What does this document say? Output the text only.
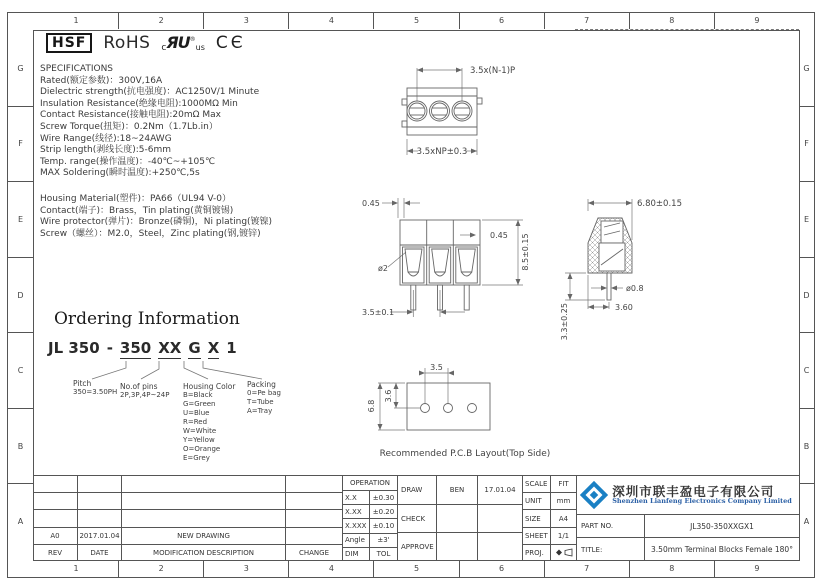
1	2	3	4	5	6	7	8	9
1	2	3	4	5	6	7	8	9
G
F
E
D
C
B
A
G
F
E
D
C
B
A
HSF	RoHS cЯU®us CЄ
SPECIFICATIONS
Rated(额定参数)：300V,16A
Dielectric strength(抗电强度)：AC1250V/1 Minute
Insulation Resistance(绝缘电阻):1000MΩ Min
Contact Resistance(接触电阻):20mΩ Max
Screw Torque(扭矩)：0.2Nm（1.7Lb.in）
Wire Range(线径):18~24AWG
Strip length(剥线长度):5-6mm
Temp. range(操作温度)：-40℃~+105℃
MAX Soldering(瞬时温度):+250℃,5s
Housing Material(塑件)：PA66（UL94 V-0）
Contact(端子)：Brass，Tin plating(黄铜镀锡)
Wire protector(弹片)：Bronze(磷铜)，Ni plating(镀镍)
Screw（螺丝）：M2.0，Steel，Zinc plating(钢,镀锌)
Ordering Information
JL 350 - 350 XX G X 1
Pitch
350=3.50PH
No.of pins
2P,3P,4P~24P
Housing Color
B=Black
G=Green
U=Blue
R=Red
W=White
Y=Yellow
O=Orange
E=Grey
Packing
0=Pe bag
T=Tube
A=Tray
3.5x(N-1)P
3.5xNP±0.3
0.45
0.45 8.5±0.15
ø2
3.5±0.1
6.80±0.15
ø0.8
3.60
3.3±0.25
3.5
6.8
3.6
Recommended P.C.B Layout(Top Side)
A0	2017.01.04	NEW DRAWING
REV	DATE	MODIFICATION DESCRIPTION	CHANGE
OPERATION
X.X	±0.30
X.XX	±0.20
X.XXX ±0.10
Angle	±3'
DIM	TOL
DRAW	BEN	17.01.04
CHECK
APPROVE
SCALE	FIT
UNIT	mm
SIZE	A4
SHEET	1/1
PROJ.
深圳市联丰盈电子有限公司
Shenzhen Lianfeng Electronics Company Limited
PART NO.	JL350-350XXGX1
TITLE:	3.50mm Terminal Blocks Female 180°
